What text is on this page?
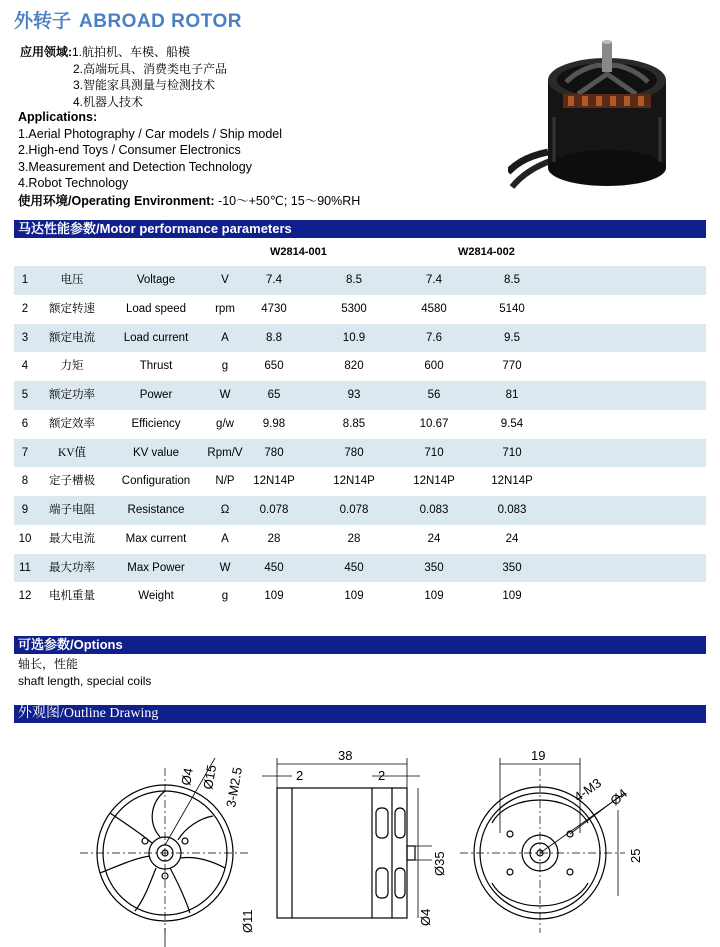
外转子 ABROAD ROTOR
应用领域:1.航拍机、车模、船模
2.高端玩具、消费类电子产品
3.智能家具测量与检测技术
4.机器人技术
Applications:
1.Aerial Photography / Car models / Ship model
2.High-end Toys / Consumer Electronics
3.Measurement and Detection Technology
4.Robot Technology
使用环境/Operating Environment: -10～+50℃; 15～90%RH
马达性能参数/Motor performance parameters
W2814-001	W2814-002
1	电压	Voltage	V	7.4	8.5	7.4	8.5
2	额定转速	Load speed	rpm	4730	5300	4580	5140
3	额定电流	Load current	A	8.8	10.9	7.6	9.5
4	力矩	Thrust	g	650	820	600	770
5	额定功率	Power	W	65	93	56	81
6	额定效率	Efficiency	g/w	9.98	8.85	10.67	9.54
7	KV值	KV value	Rpm/V	780	780	710	710
8	定子槽极	Configuration	N/P	12N14P	12N14P	12N14P	12N14P
9	端子电阻	Resistance	Ω	0.078	0.078	0.083	0.083
10	最大电流	Max current	A	28	28	24	24
11	最大功率	Max Power	W	450	450	350	350
12	电机重量	Weight	g	109	109	109	109
可选参数/Options
轴长，性能
shaft length, special coils
外观图/Outline Drawing
Ø4 Ø15 3-M2.5
Ø11
38
2	2
Ø35
Ø4
19
4-M3 Ø4
25
